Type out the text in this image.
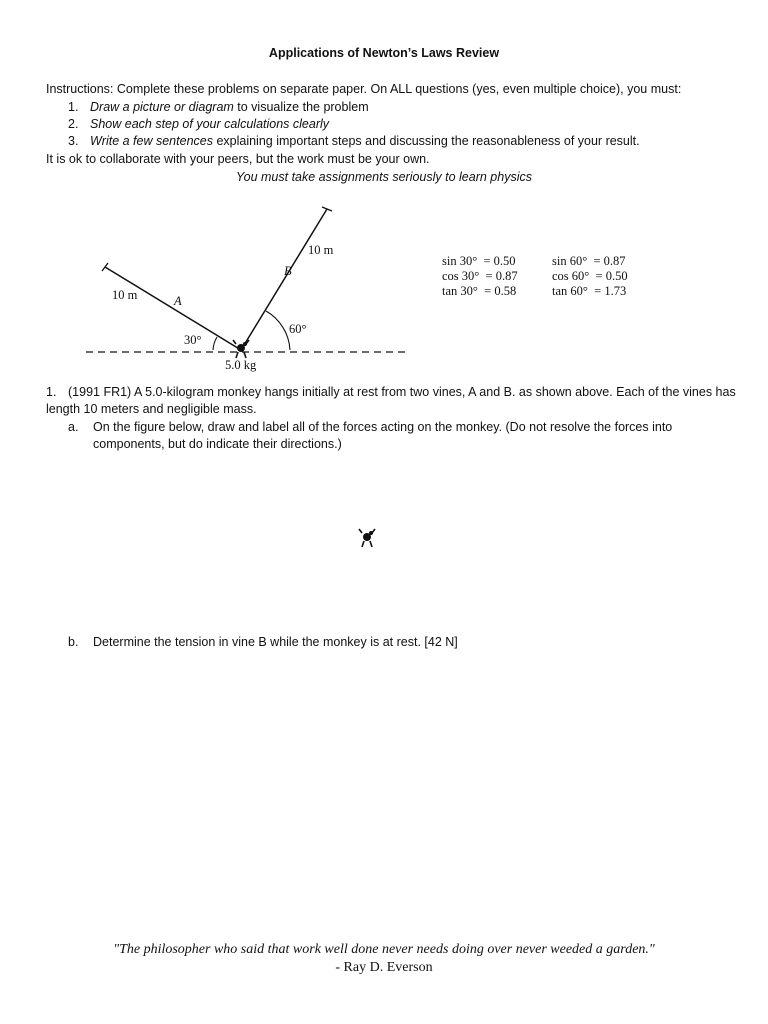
Applications of Newton’s Laws Review
Instructions: Complete these problems on separate paper. On ALL questions (yes, even multiple choice), you must:
1. Draw a picture or diagram to visualize the problem
2. Show each step of your calculations clearly
3. Write a few sentences explaining important steps and discussing the reasonableness of your result.
It is ok to collaborate with your peers, but the work must be your own.
You must take assignments seriously to learn physics
10 m	A
30°
10 m
B
60°
5.0 kg
sin 30°  = 0.50
cos 30°  = 0.87
tan 30°  = 0.58
sin 60°  = 0.87
cos 60°  = 0.50
tan 60°  = 1.73
1. (1991 FR1) A 5.0-kilogram monkey hangs initially at rest from two vines, A and B. as shown above. Each of the vines has length 10 meters and negligible mass.
a. On the figure below, draw and label all of the forces acting on the monkey. (Do not resolve the forces into
components, but do indicate their directions.)
b. Determine the tension in vine B while the monkey is at rest. [42 N]
"The philosopher who said that work well done never needs doing over never weeded a garden."
- Ray D. Everson
